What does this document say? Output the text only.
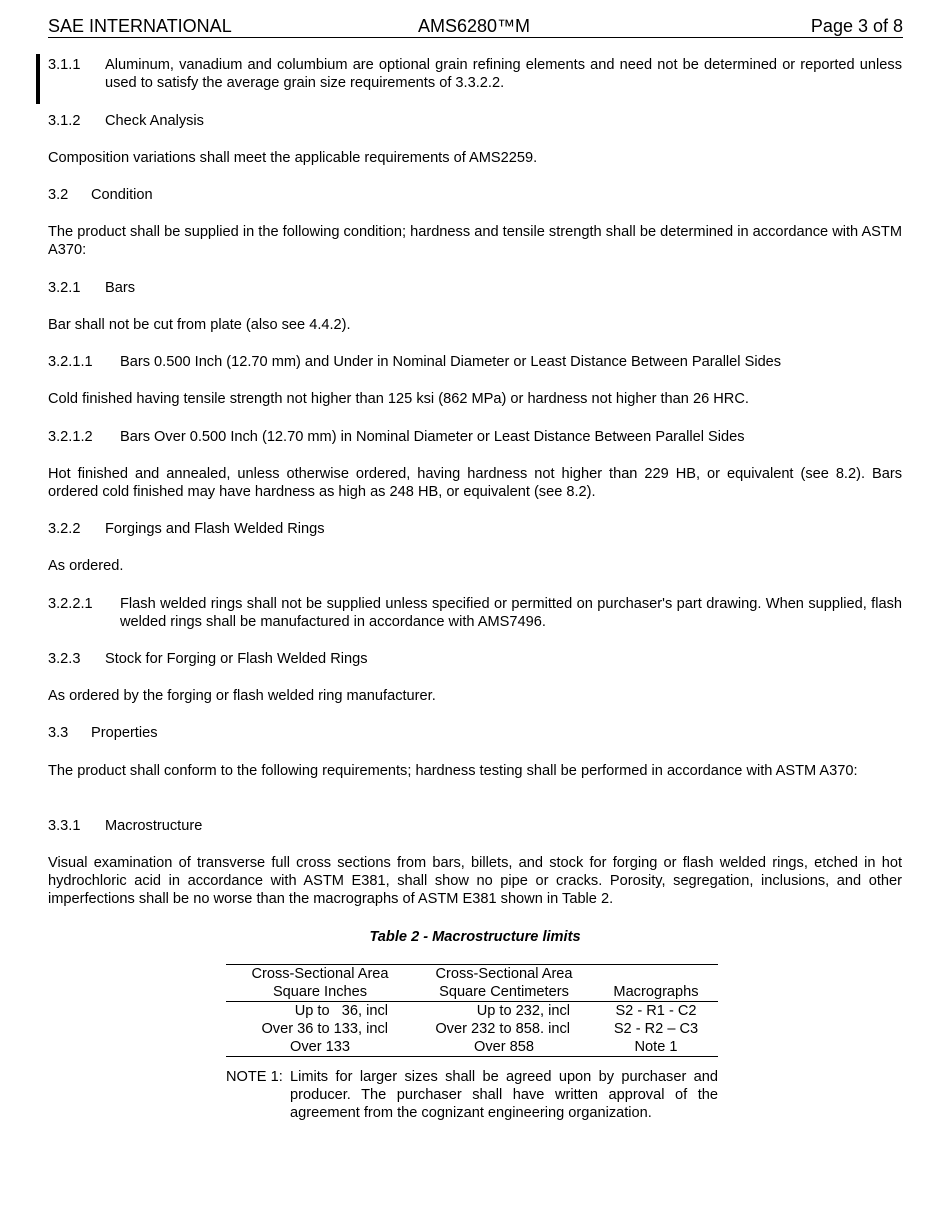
SAE INTERNATIONAL	AMS6280™M	Page 3 of 8
3.1.1 Aluminum, vanadium and columbium are optional grain refining elements and need not be determined or reported unless used to satisfy the average grain size requirements of 3.3.2.2.
3.1.2 Check Analysis
Composition variations shall meet the applicable requirements of AMS2259.
3.2 Condition
The product shall be supplied in the following condition; hardness and tensile strength shall be determined in accordance with ASTM A370:
3.2.1 Bars
Bar shall not be cut from plate (also see 4.4.2).
3.2.1.1 Bars 0.500 Inch (12.70 mm) and Under in Nominal Diameter or Least Distance Between Parallel Sides
Cold finished having tensile strength not higher than 125 ksi (862 MPa) or hardness not higher than 26 HRC.
3.2.1.2 Bars Over 0.500 Inch (12.70 mm) in Nominal Diameter or Least Distance Between Parallel Sides
Hot finished and annealed, unless otherwise ordered, having hardness not higher than 229 HB, or equivalent (see 8.2). Bars ordered cold finished may have hardness as high as 248 HB, or equivalent (see 8.2).
3.2.2 Forgings and Flash Welded Rings
As ordered.
3.2.2.1 Flash welded rings shall not be supplied unless specified or permitted on purchaser's part drawing. When supplied, flash welded rings shall be manufactured in accordance with AMS7496.
3.2.3 Stock for Forging or Flash Welded Rings
As ordered by the forging or flash welded ring manufacturer.
3.3 Properties
The product shall conform to the following requirements; hardness testing shall be performed in accordance with ASTM A370:
3.3.1 Macrostructure
Visual examination of transverse full cross sections from bars, billets, and stock for forging or flash welded rings, etched in hot hydrochloric acid in accordance with ASTM E381, shall show no pipe or cracks. Porosity, segregation, inclusions, and other imperfections shall be no worse than the macrographs of ASTM E381 shown in Table 2.
Table 2 - Macrostructure limits
Cross-Sectional Area	Cross-Sectional Area	
Square Inches	Square Centimeters	Macrographs
Up to   36, incl	Up to 232, incl	S2 - R1 - C2
Over 36 to 133, incl	Over 232 to 858. incl	S2 - R2 – C3
Over 133	Over 858	Note 1
NOTE 1: Limits for larger sizes shall be agreed upon by purchaser and producer. The purchaser shall have written approval of the agreement from the cognizant engineering organization.
